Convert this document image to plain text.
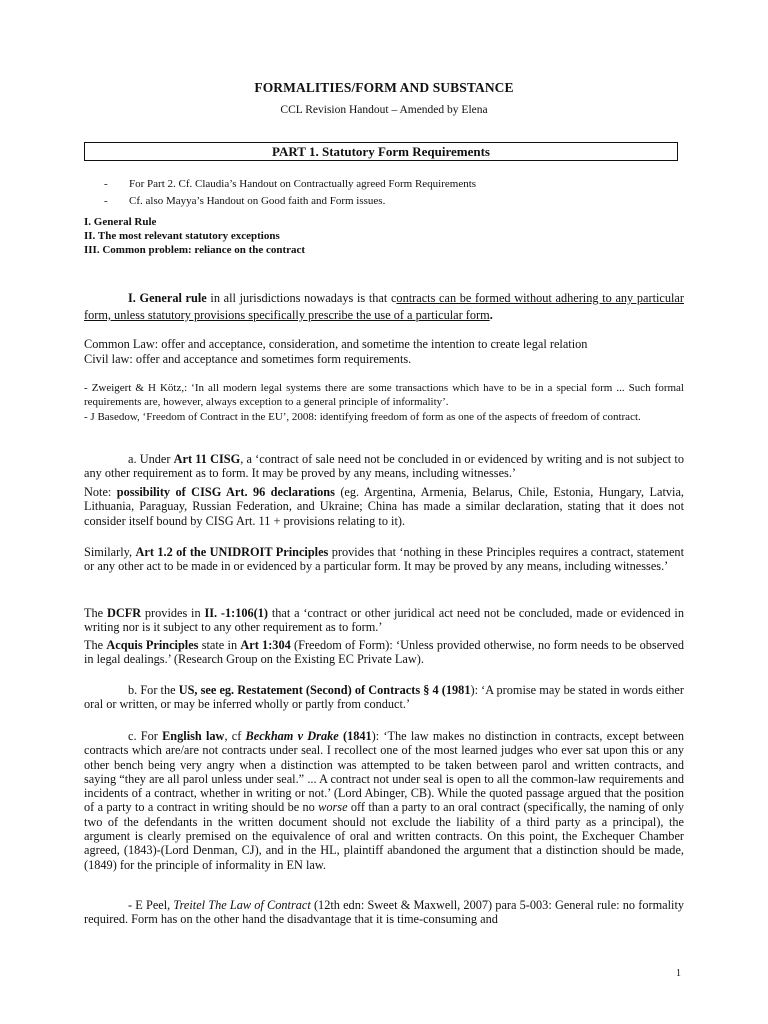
FORMALITIES/FORM AND SUBSTANCE
CCL Revision Handout – Amended by Elena
PART 1. Statutory Form Requirements
- For Part 2. Cf. Claudia’s Handout on Contractually agreed Form Requirements
- Cf. also Mayya’s Handout on Good faith and Form issues.
I. General Rule
II. The most relevant statutory exceptions
III. Common problem: reliance on the contract
I. General rule in all jurisdictions nowadays is that contracts can be formed without adhering to any particular form, unless statutory provisions specifically prescribe the use of a particular form.
Common Law: offer and acceptance, consideration, and sometime the intention to create legal relation
Civil law: offer and acceptance and sometimes form requirements.
- Zweigert & H Kötz,: ‘In all modern legal systems there are some transactions which have to be in a special form ... Such formal requirements are, however, always exception to a general principle of informality’.
- J Basedow, ‘Freedom of Contract in the EU’, 2008: identifying freedom of form as one of the aspects of freedom of contract.
a. Under Art 11 CISG, a ‘contract of sale need not be concluded in or evidenced by writing and is not subject to any other requirement as to form. It may be proved by any means, including witnesses.’
Note: possibility of CISG Art. 96 declarations (eg. Argentina, Armenia, Belarus, Chile, Estonia, Hungary, Latvia, Lithuania, Paraguay, Russian Federation, and Ukraine; China has made a similar declaration, stating that it does not consider itself bound by CISG Art. 11 + provisions relating to it).
Similarly, Art 1.2 of the UNIDROIT Principles provides that ‘nothing in these Principles requires a contract, statement or any other act to be made in or evidenced by a particular form. It may be proved by any means, including witnesses.’
The DCFR provides in II. -1:106(1) that a ‘contract or other juridical act need not be concluded, made or evidenced in writing nor is it subject to any other requirement as to form.’
The Acquis Principles state in Art 1:304 (Freedom of Form): ‘Unless provided otherwise, no form needs to be observed in legal dealings.’ (Research Group on the Existing EC Private Law).
b. For the US, see eg. Restatement (Second) of Contracts § 4 (1981): ‘A promise may be stated in words either oral or written, or may be inferred wholly or partly from conduct.’
c. For English law, cf Beckham v Drake (1841): ‘The law makes no distinction in contracts, except between contracts which are/are not contracts under seal. I recollect one of the most learned judges who ever sat upon this or any other bench being very angry when a distinction was attempted to be taken between parol and written contracts, and saying “they are all parol unless under seal.” ... A contract not under seal is open to all the common-law requirements and incidents of a contract, whether in writing or not.’ (Lord Abinger, CB). While the quoted passage argued that the position of a party to a contract in writing should be no worse off than a party to an oral contract (specifically, the naming of only two of the defendants in the written document should not exclude the liability of a third party as a principal), the argument is clearly premised on the equivalence of oral and written contracts. On this point, the Exchequer Chamber agreed, (1843)-(Lord Denman, CJ), and in the HL, plaintiff abandoned the argument that a distinction should be made, (1849) for the principle of informality in EN law.
- E Peel, Treitel The Law of Contract (12th edn: Sweet & Maxwell, 2007) para 5-003: General rule: no formality required. Form has on the other hand the disadvantage that it is time-consuming and
1
